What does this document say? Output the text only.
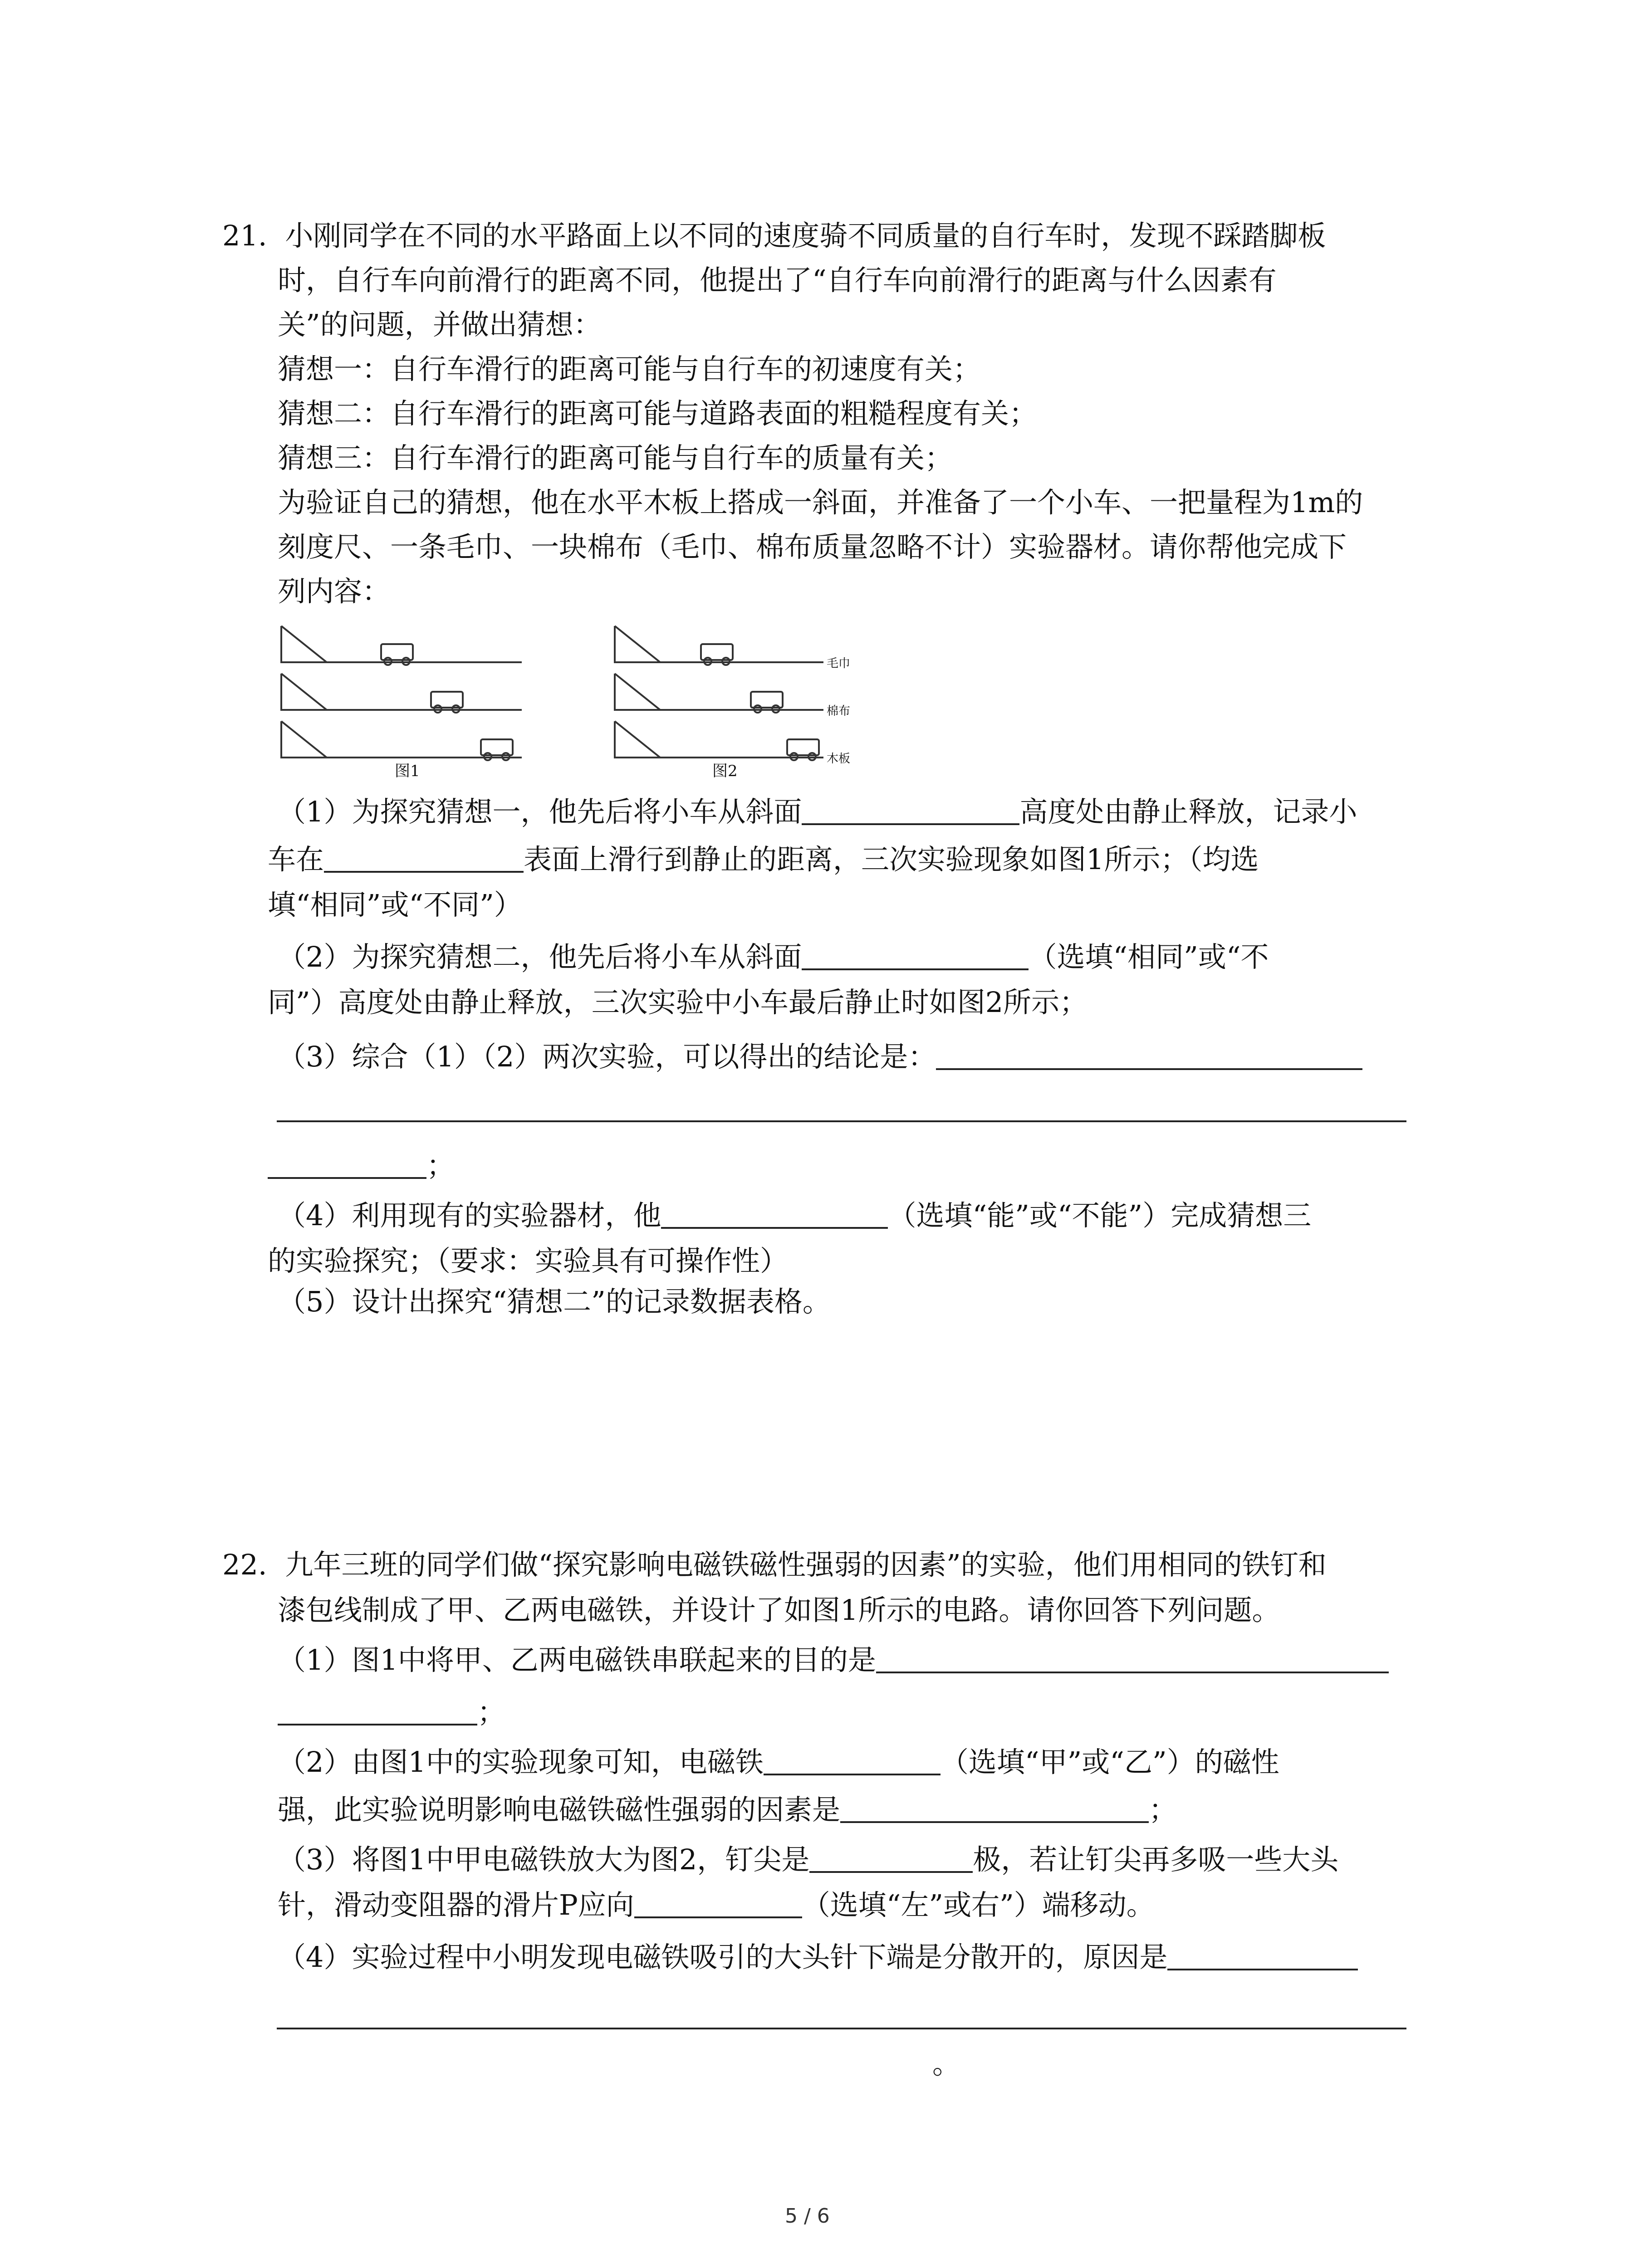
21. 小刚同学在不同的水平路面上以不同的速度骑不同质量的自行车时，发现不踩踏脚板
时，自行车向前滑行的距离不同，他提出了“自行车向前滑行的距离与什么因素有
关”的问题，并做出猜想：
猜想一：自行车滑行的距离可能与自行车的初速度有关；
猜想二：自行车滑行的距离可能与道路表面的粗糙程度有关；
猜想三：自行车滑行的距离可能与自行车的质量有关；
为验证自己的猜想，他在水平木板上搭成一斜面，并准备了一个小车、一把量程为1m的
刻度尺、一条毛巾、一块棉布（毛巾、棉布质量忽略不计）实验器材。请你帮他完成下
列内容：
图1
毛巾
棉布
木板
图2
（1）为探究猜想一，他先后将小车从斜面	高度处由静止释放，记录小
车在	表面上滑行到静止的距离，三次实验现象如图1所示；（均选
填“相同”或“不同”）
（2）为探究猜想二，他先后将小车从斜面	（选填“相同”或“不
同”）高度处由静止释放，三次实验中小车最后静止时如图2所示；
（3）综合（1）（2）两次实验，可以得出的结论是：
；
（4）利用现有的实验器材，他	（选填“能”或“不能”）完成猜想三
的实验探究；（要求：实验具有可操作性）
（5）设计出探究“猜想二”的记录数据表格。
22. 九年三班的同学们做“探究影响电磁铁磁性强弱的因素”的实验，他们用相同的铁钉和
漆包线制成了甲、乙两电磁铁，并设计了如图1所示的电路。请你回答下列问题。
（1）图1中将甲、乙两电磁铁串联起来的目的是
；
（2）由图1中的实验现象可知，电磁铁	（选填“甲”或“乙”）的磁性
强，此实验说明影响电磁铁磁性强弱的因素是	；
（3）将图1中甲电磁铁放大为图2，钉尖是	极，若让钉尖再多吸一些大头
针，滑动变阻器的滑片P应向	（选填“左”或右”）端移动。
（4）实验过程中小明发现电磁铁吸引的大头针下端是分散开的，原因是
。
5 / 6
